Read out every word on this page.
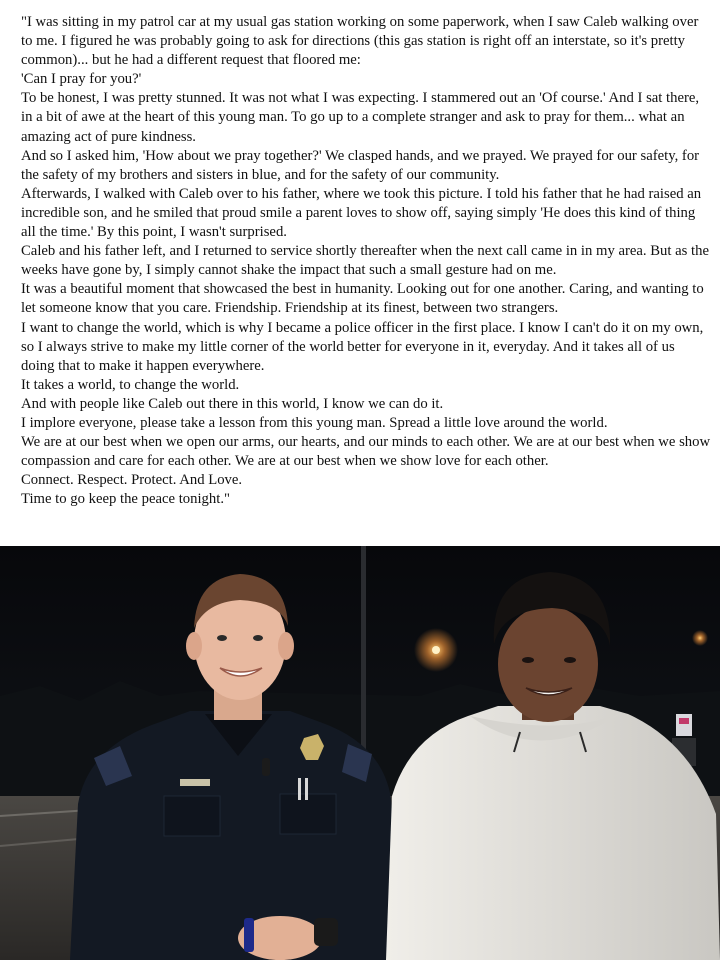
"I was sitting in my patrol car at my usual gas station working on some paperwork, when I saw Caleb walking over to me. I figured he was probably going to ask for directions (this gas station is right off an interstate, so it's pretty common)... but he had a different request that floored me:

'Can I pray for you?'

To be honest, I was pretty stunned. It was not what I was expecting. I stammered out an 'Of course.' And I sat there, in a bit of awe at the heart of this young man. To go up to a complete stranger and ask to pray for them... what an amazing act of pure kindness.

And so I asked him, 'How about we pray together?' We clasped hands, and we prayed. We prayed for our safety, for the safety of my brothers and sisters in blue, and for the safety of our community.

Afterwards, I walked with Caleb over to his father, where we took this picture. I told his father that he had raised an incredible son, and he smiled that proud smile a parent loves to show off, saying simply 'He does this kind of thing all the time.' By this point, I wasn't surprised.

Caleb and his father left, and I returned to service shortly thereafter when the next call came in in my area. But as the weeks have gone by, I simply cannot shake the impact that such a small gesture had on me.

It was a beautiful moment that showcased the best in humanity. Looking out for one another. Caring, and wanting to let someone know that you care. Friendship. Friendship at its finest, between two strangers.

I want to change the world, which is why I became a police officer in the first place. I know I can't do it on my own, so I always strive to make my little corner of the world better for everyone in it, everyday. And it takes all of us doing that to make it happen everywhere.

It takes a world, to change the world.

And with people like Caleb out there in this world, I know we can do it.

I implore everyone, please take a lesson from this young man. Spread a little love around the world.

We are at our best when we open our arms, our hearts, and our minds to each other. We are at our best when we show compassion and care for each other. We are at our best when we show love for each other.

Connect. Respect. Protect. And Love.

Time to go keep the peace tonight."
